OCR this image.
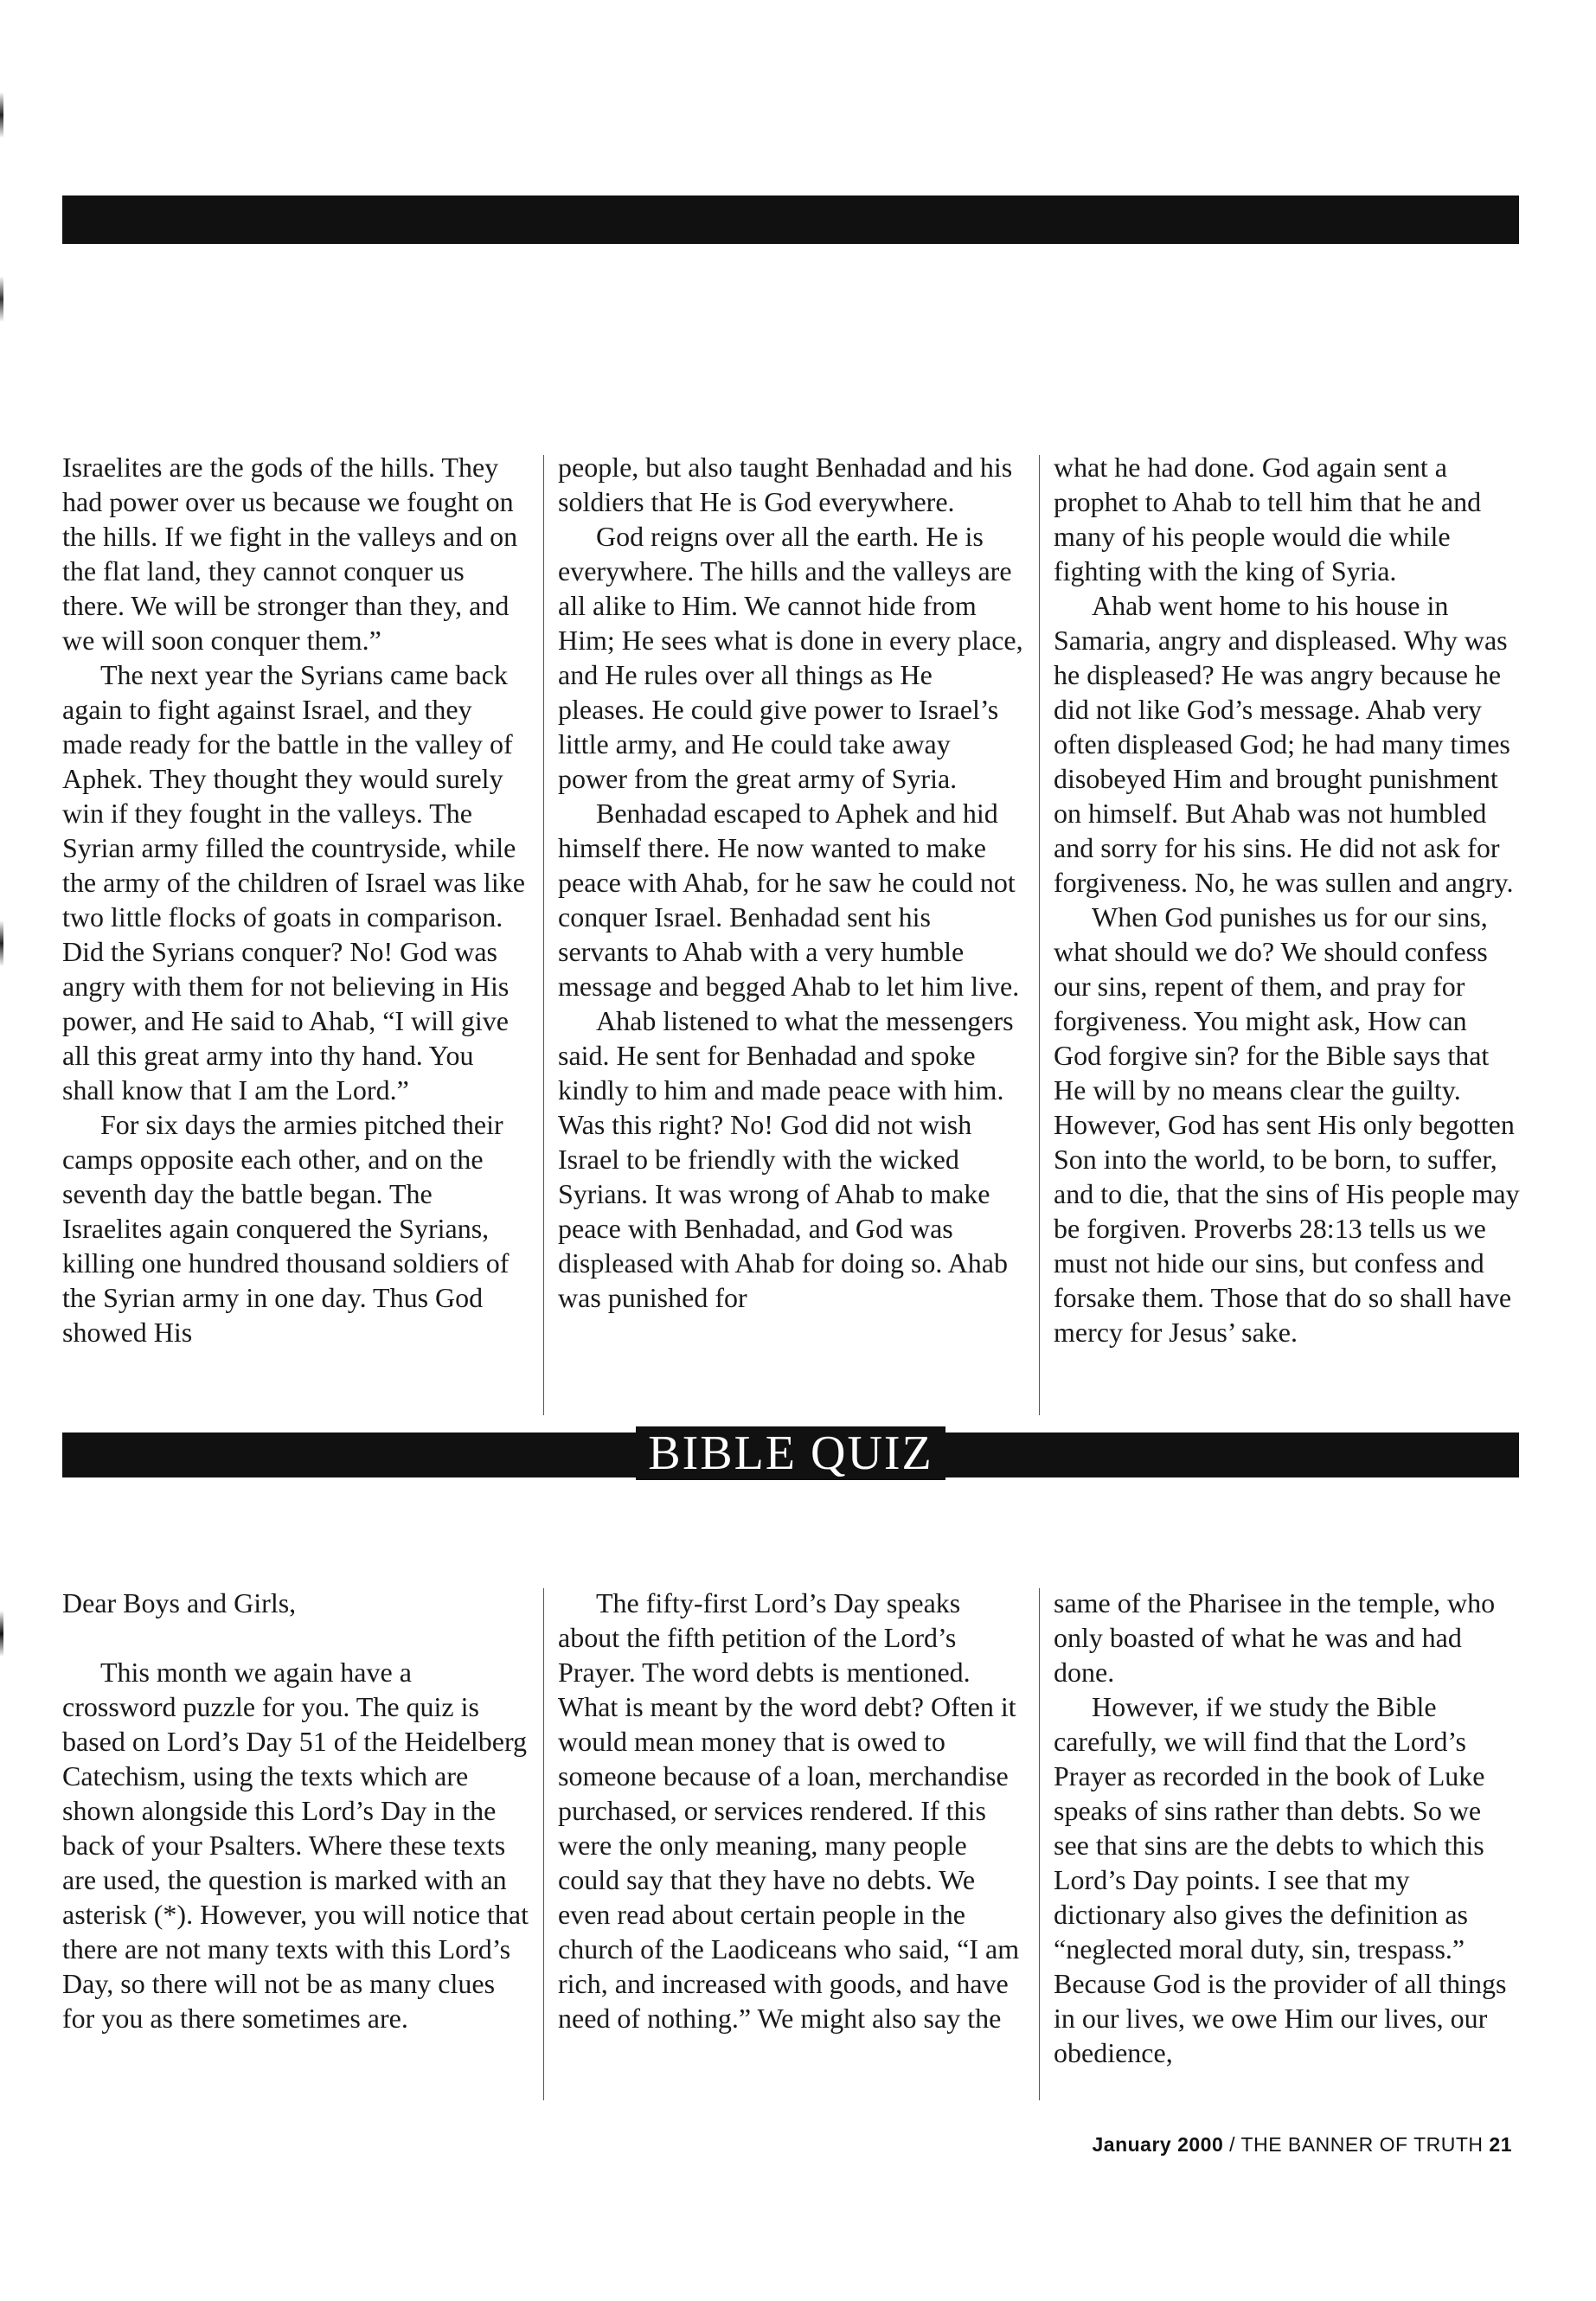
Israelites are the gods of the hills. They had power over us because we fought on the hills. If we fight in the valleys and on the flat land, they cannot conquer us there. We will be stronger than they, and we will soon conquer them.”

The next year the Syrians came back again to fight against Israel, and they made ready for the battle in the valley of Aphek. They thought they would surely win if they fought in the valleys. The Syrian army filled the countryside, while the army of the children of Israel was like two little flocks of goats in comparison. Did the Syrians conquer? No! God was angry with them for not believing in His power, and He said to Ahab, “I will give all this great army into thy hand. You shall know that I am the Lord.”

For six days the armies pitched their camps opposite each other, and on the seventh day the battle began. The Israelites again conquered the Syrians, killing one hundred thousand soldiers of the Syrian army in one day. Thus God showed His

people, but also taught Benhadad and his soldiers that He is God everywhere.

God reigns over all the earth. He is everywhere. The hills and the valleys are all alike to Him. We cannot hide from Him; He sees what is done in every place, and He rules over all things as He pleases. He could give power to Israel’s little army, and He could take away power from the great army of Syria.

Benhadad escaped to Aphek and hid himself there. He now wanted to make peace with Ahab, for he saw he could not conquer Israel. Benhadad sent his servants to Ahab with a very humble message and begged Ahab to let him live.

Ahab listened to what the messengers said. He sent for Benhadad and spoke kindly to him and made peace with him. Was this right? No! God did not wish Israel to be friendly with the wicked Syrians. It was wrong of Ahab to make peace with Benhadad, and God was displeased with Ahab for doing so. Ahab was punished for

what he had done. God again sent a prophet to Ahab to tell him that he and many of his people would die while fighting with the king of Syria.

Ahab went home to his house in Samaria, angry and displeased. Why was he displeased? He was angry because he did not like God’s message. Ahab very often displeased God; he had many times disobeyed Him and brought punishment on himself. But Ahab was not humbled and sorry for his sins. He did not ask for forgiveness. No, he was sullen and angry.

When God punishes us for our sins, what should we do? We should confess our sins, repent of them, and pray for forgiveness. You might ask, How can God forgive sin? for the Bible says that He will by no means clear the guilty. However, God has sent His only begotten Son into the world, to be born, to suffer, and to die, that the sins of His people may be forgiven. Proverbs 28:13 tells us we must not hide our sins, but confess and forsake them. Those that do so shall have mercy for Jesus’ sake.

BIBLE QUIZ

Dear Boys and Girls,

This month we again have a crossword puzzle for you. The quiz is based on Lord’s Day 51 of the Heidelberg Catechism, using the texts which are shown alongside this Lord’s Day in the back of your Psalters. Where these texts are used, the question is marked with an asterisk (*). However, you will notice that there are not many texts with this Lord’s Day, so there will not be as many clues for you as there sometimes are.

The fifty-first Lord’s Day speaks about the fifth petition of the Lord’s Prayer. The word debts is mentioned. What is meant by the word debt? Often it would mean money that is owed to someone because of a loan, merchandise purchased, or services rendered. If this were the only meaning, many people could say that they have no debts. We even read about certain people in the church of the Laodiceans who said, “I am rich, and increased with goods, and have need of nothing.” We might also say the

same of the Pharisee in the temple, who only boasted of what he was and had done.

However, if we study the Bible carefully, we will find that the Lord’s Prayer as recorded in the book of Luke speaks of sins rather than debts. So we see that sins are the debts to which this Lord’s Day points. I see that my dictionary also gives the definition as “neglected moral duty, sin, trespass.” Because God is the provider of all things in our lives, we owe Him our lives, our obedience,

January 2000 / THE BANNER OF TRUTH 21
